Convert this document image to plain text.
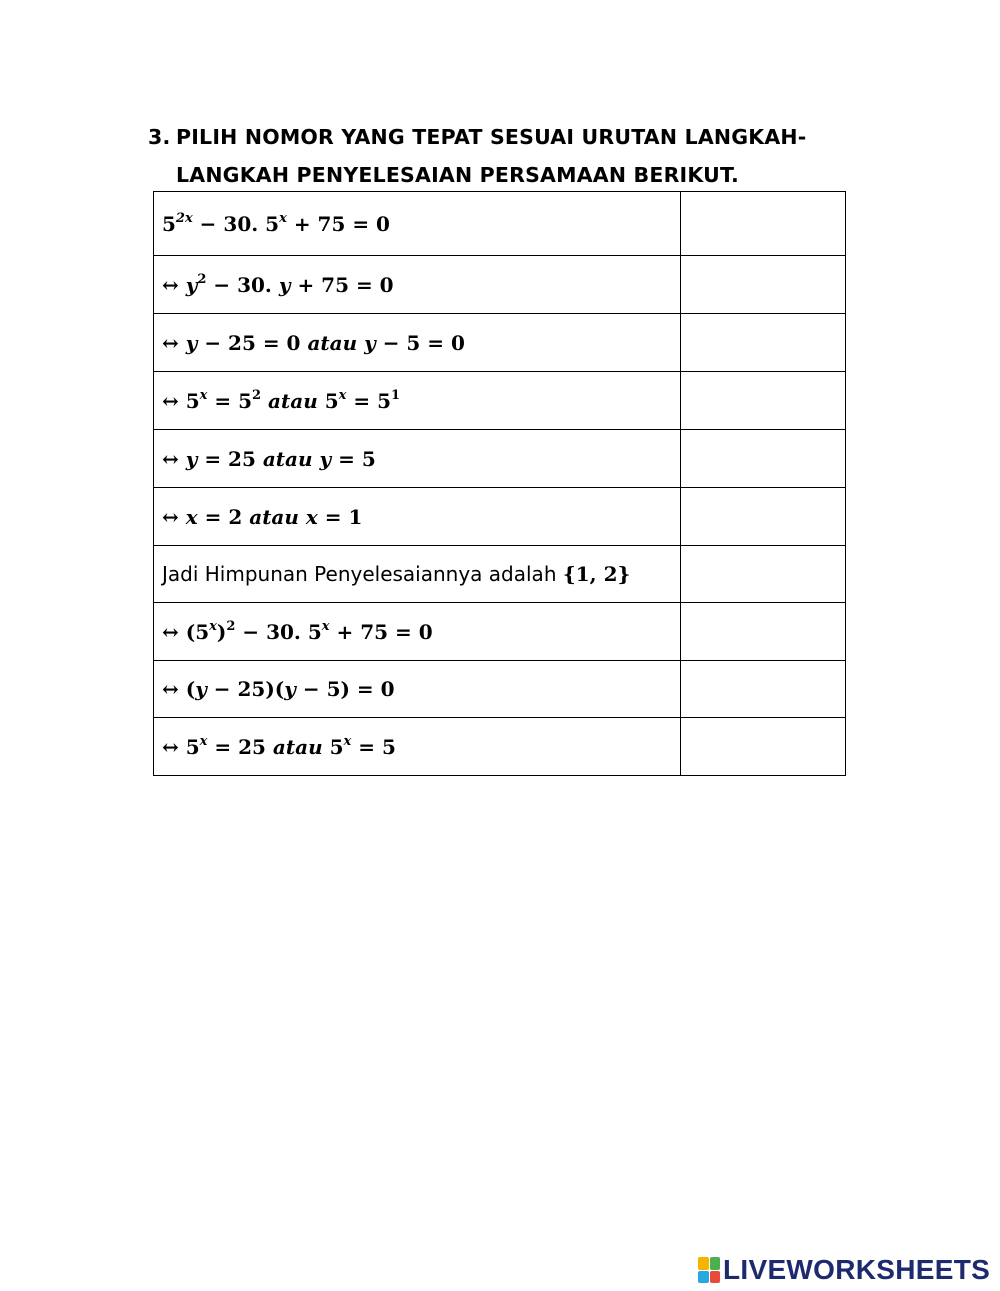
3. PILIH NOMOR YANG TEPAT SESUAI URUTAN LANGKAH-
LANGKAH PENYELESAIAN PERSAMAAN BERIKUT.
$5^{2x} - 30$. $5^x + 75 = 0$	
↔ $y^2 - 30$. y + 75 = 0	
↔ y − 25 = 0 atau y − 5 = 0	
↔ $5^x = 5^2$ atau $5^x = 5^1$	
↔ y = 25 atau y = 5	
↔ x = 2 atau x = 1	
Jadi Himpunan Penyelesaiannya adalah {1, 2}	
↔ $(5^x)^2 - 30$. $5^x + 75 = 0$	
↔ (y − 25)(y − 5) = 0	
↔ $5^x = 25$ atau $5^x = 5$	
LIVEWORKSHEETS
